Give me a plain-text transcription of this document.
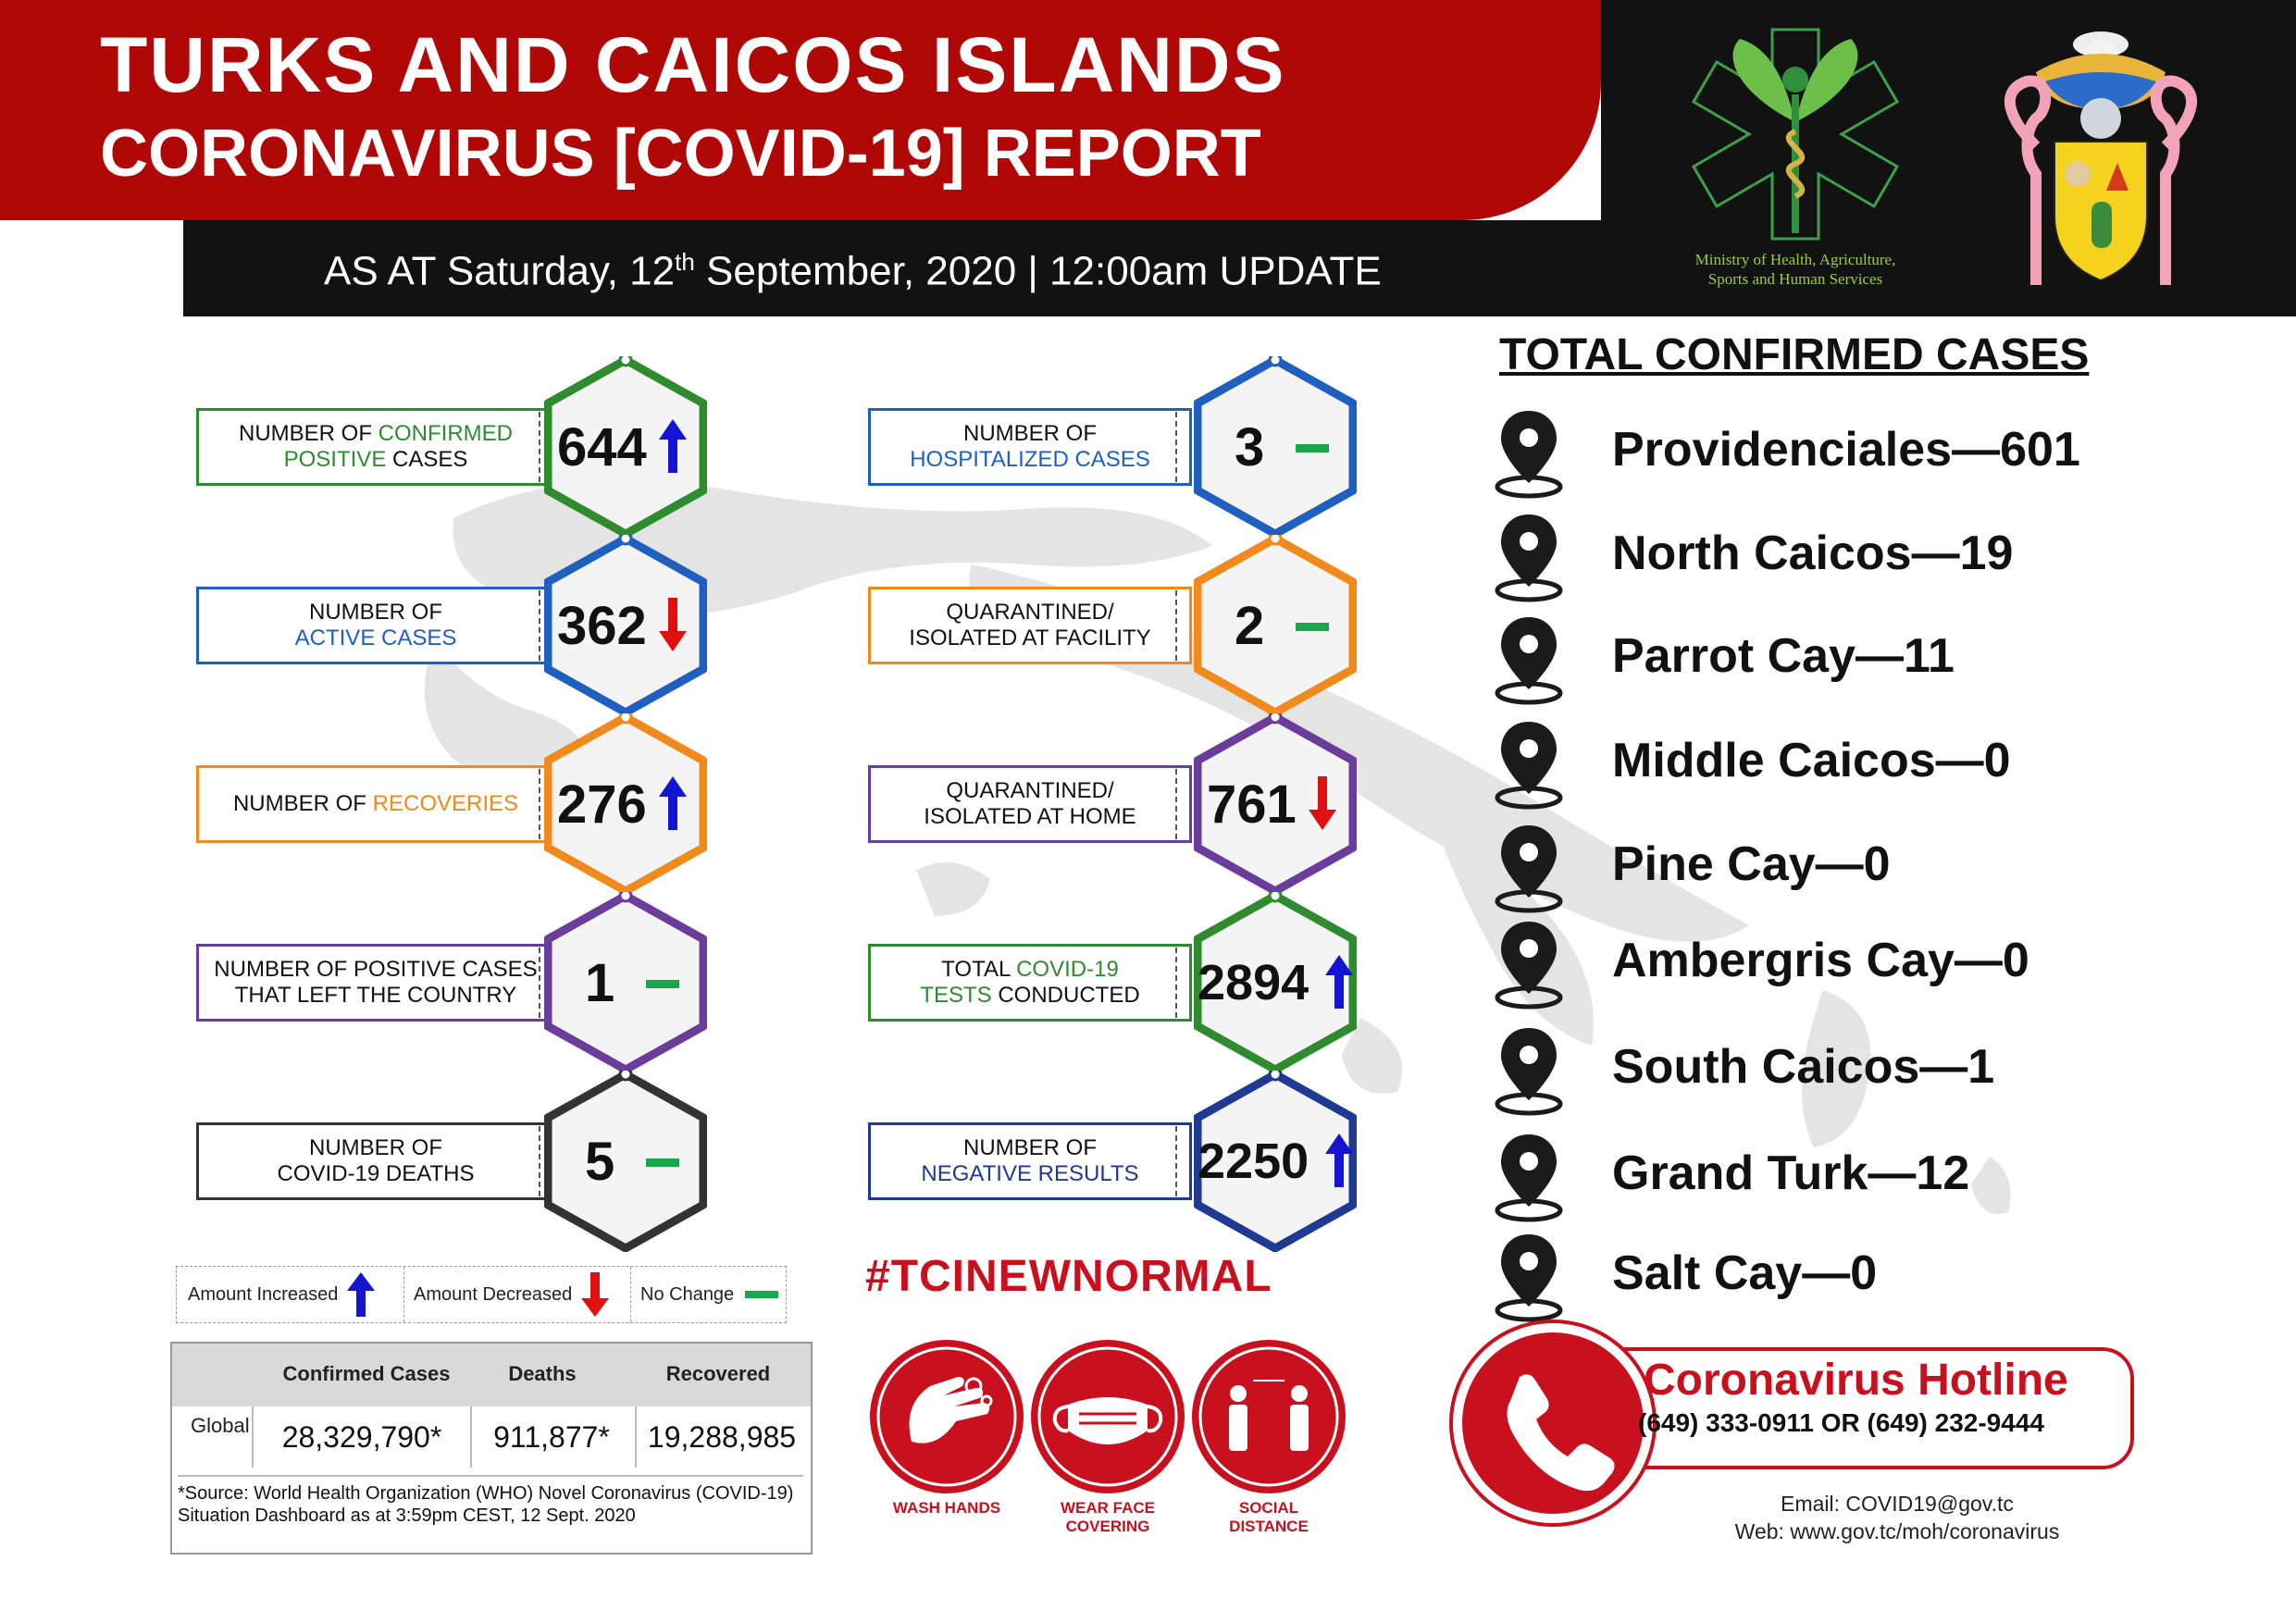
TURKS AND CAICOS ISLANDS
CORONAVIRUS [COVID-19] REPORT
AS AT Saturday, 12th September, 2020 | 12:00am UPDATE	Ministry of Health, Agriculture,
Sports and Human Services
NUMBER OF CONFIRMED
POSITIVE CASES	644
NUMBER OF
ACTIVE CASES 362
NUMBER OF RECOVERIES 276
NUMBER OF POSITIVE CASES
THAT LEFT THE COUNTRY	1
NUMBER OF
COVID-19 DEATHS 5
NUMBER OF
HOSPITALIZED CASES 3
QUARANTINED/
ISOLATED AT FACILITY 2
QUARANTINED/
ISOLATED AT HOME 761
TOTAL COVID-19
TESTS CONDUCTED 2894
NUMBER OF
NEGATIVE RESULTS 2250
TOTAL CONFIRMED CASES
Providenciales—601
North Caicos—19
Parrot Cay—11
Middle Caicos—0
Pine Cay—0
Ambergris Cay—0
South Caicos—1
Grand Turk—12
Salt Cay—0
Amount Increased	Amount Decreased	No Change
Confirmed Cases	Deaths	Recovered
Global	28,329,790*	911,877*	19,288,985
*Source: World Health Organization (WHO) Novel Coronavirus (COVID-19) Situation Dashboard as at 3:59pm CEST, 12 Sept. 2020
#TCINEWNORMAL
WASH HANDS	WEAR FACE
COVERING
SOCIAL
DISTANCE
Coronavirus Hotline
(649) 333-0911 OR (649) 232-9444
Email: COVID19@gov.tc
Web: www.gov.tc/moh/coronavirus
